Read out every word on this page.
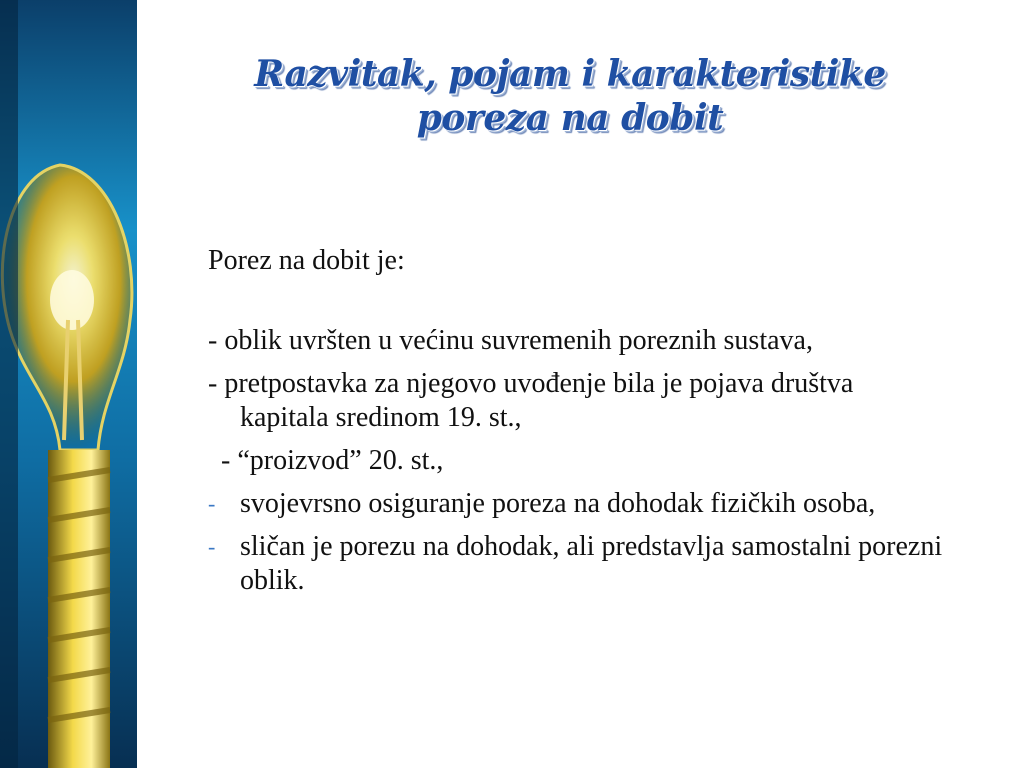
Razvitak, pojam i karakteristike
poreza na dobit

Porez na dobit je:

- oblik uvršten u većinu suvremenih poreznih sustava,

- pretpostavka za njegovo uvođenje bila je pojava društva kapitala sredinom 19. st.,

- “proizvod” 20. st.,

- svojevrsno osiguranje poreza na dohodak fizičkih osoba,
- sličan je porezu na dohodak, ali predstavlja samostalni porezni oblik.
